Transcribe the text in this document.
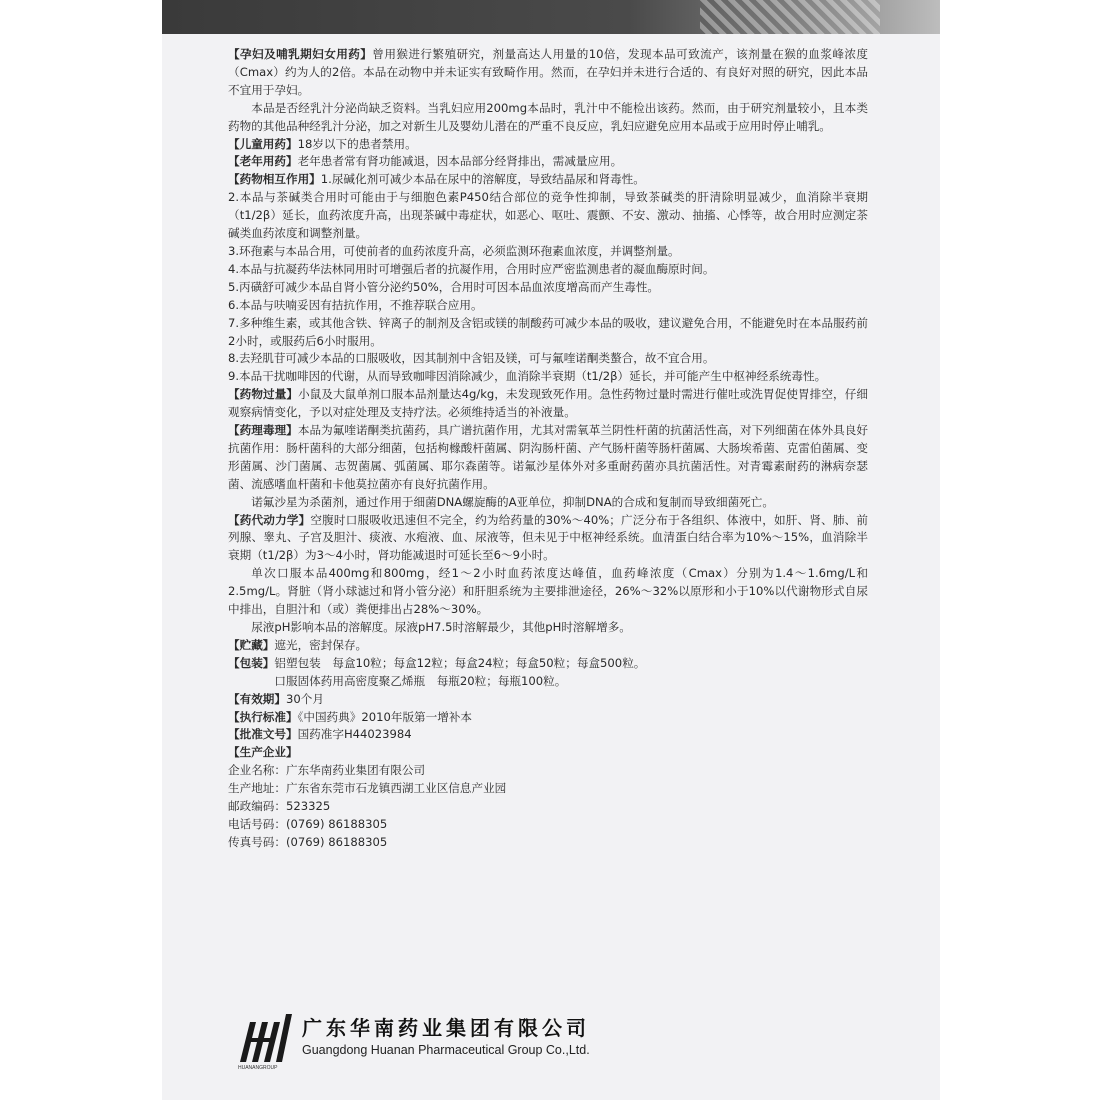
【孕妇及哺乳期妇女用药】曾用猴进行繁殖研究，剂量高达人用量的10倍，发现本品可致流产，该剂量在猴的血浆峰浓度（Cmax）约为人的2倍。本品在动物中并未证实有致畸作用。然而，在孕妇并未进行合适的、有良好对照的研究，因此本品不宜用于孕妇。

本品是否经乳汁分泌尚缺乏资料。当乳妇应用200mg本品时，乳汁中不能检出该药。然而，由于研究剂量较小，且本类药物的其他品种经乳汁分泌，加之对新生儿及婴幼儿潜在的严重不良反应，乳妇应避免应用本品或于应用时停止哺乳。

【儿童用药】18岁以下的患者禁用。

【老年用药】老年患者常有肾功能减退，因本品部分经肾排出，需减量应用。

【药物相互作用】1.尿碱化剂可减少本品在尿中的溶解度，导致结晶尿和肾毒性。

2.本品与茶碱类合用时可能由于与细胞色素P450结合部位的竞争性抑制，导致茶碱类的肝清除明显减少，血消除半衰期（t1/2β）延长，血药浓度升高，出现茶碱中毒症状，如恶心、呕吐、震颤、不安、激动、抽搐、心悸等，故合用时应测定茶碱类血药浓度和调整剂量。

3.环孢素与本品合用，可使前者的血药浓度升高，必须监测环孢素血浓度，并调整剂量。

4.本品与抗凝药华法林同用时可增强后者的抗凝作用，合用时应严密监测患者的凝血酶原时间。

5.丙磺舒可减少本品自肾小管分泌约50%，合用时可因本品血浓度增高而产生毒性。

6.本品与呋喃妥因有拮抗作用，不推荐联合应用。

7.多种维生素，或其他含铁、锌离子的制剂及含铝或镁的制酸药可减少本品的吸收，建议避免合用，不能避免时在本品服药前2小时，或服药后6小时服用。

8.去羟肌苷可减少本品的口服吸收，因其制剂中含铝及镁，可与氟喹诺酮类螯合，故不宜合用。

9.本品干扰咖啡因的代谢，从而导致咖啡因消除减少，血消除半衰期（t1/2β）延长，并可能产生中枢神经系统毒性。

【药物过量】小鼠及大鼠单剂口服本品剂量达4g/kg，未发现致死作用。急性药物过量时需进行催吐或洗胃促使胃排空，仔细观察病情变化，予以对症处理及支持疗法。必须维持适当的补液量。

【药理毒理】本品为氟喹诺酮类抗菌药，具广谱抗菌作用，尤其对需氧革兰阴性杆菌的抗菌活性高，对下列细菌在体外具良好抗菌作用：肠杆菌科的大部分细菌，包括枸橼酸杆菌属、阴沟肠杆菌、产气肠杆菌等肠杆菌属、大肠埃希菌、克雷伯菌属、变形菌属、沙门菌属、志贺菌属、弧菌属、耶尔森菌等。诺氟沙星体外对多重耐药菌亦具抗菌活性。对青霉素耐药的淋病奈瑟菌、流感嗜血杆菌和卡他莫拉菌亦有良好抗菌作用。

诺氟沙星为杀菌剂，通过作用于细菌DNA螺旋酶的A亚单位，抑制DNA的合成和复制而导致细菌死亡。

【药代动力学】空腹时口服吸收迅速但不完全，约为给药量的30%～40%；广泛分布于各组织、体液中，如肝、肾、肺、前列腺、睾丸、子宫及胆汁、痰液、水疱液、血、尿液等，但未见于中枢神经系统。血清蛋白结合率为10%～15%，血消除半衰期（t1/2β）为3～4小时，肾功能减退时可延长至6～9小时。

单次口服本品400mg和800mg，经1～2小时血药浓度达峰值，血药峰浓度（Cmax）分别为1.4～1.6mg/L和2.5mg/L。肾脏（肾小球滤过和肾小管分泌）和肝胆系统为主要排泄途径，26%～32%以原形和小于10%以代谢物形式自尿中排出，自胆汁和（或）粪便排出占28%～30%。

尿液pH影响本品的溶解度。尿液pH7.5时溶解最少，其他pH时溶解增多。

【贮藏】遮光，密封保存。

【包装】铝塑包装　每盒10粒；每盒12粒；每盒24粒；每盒50粒；每盒500粒。

口服固体药用高密度聚乙烯瓶　每瓶20粒；每瓶100粒。

【有效期】30个月

【执行标准】《中国药典》2010年版第一增补本

【批准文号】国药准字H44023984

【生产企业】

企业名称：广东华南药业集团有限公司

生产地址：广东省东莞市石龙镇西湖工业区信息产业园

邮政编码：523325

电话号码：(0769) 86188305

传真号码：(0769) 86188305

HUANANGROUP
广东华南药业集团有限公司
Guangdong Huanan Pharmaceutical Group Co.,Ltd.
